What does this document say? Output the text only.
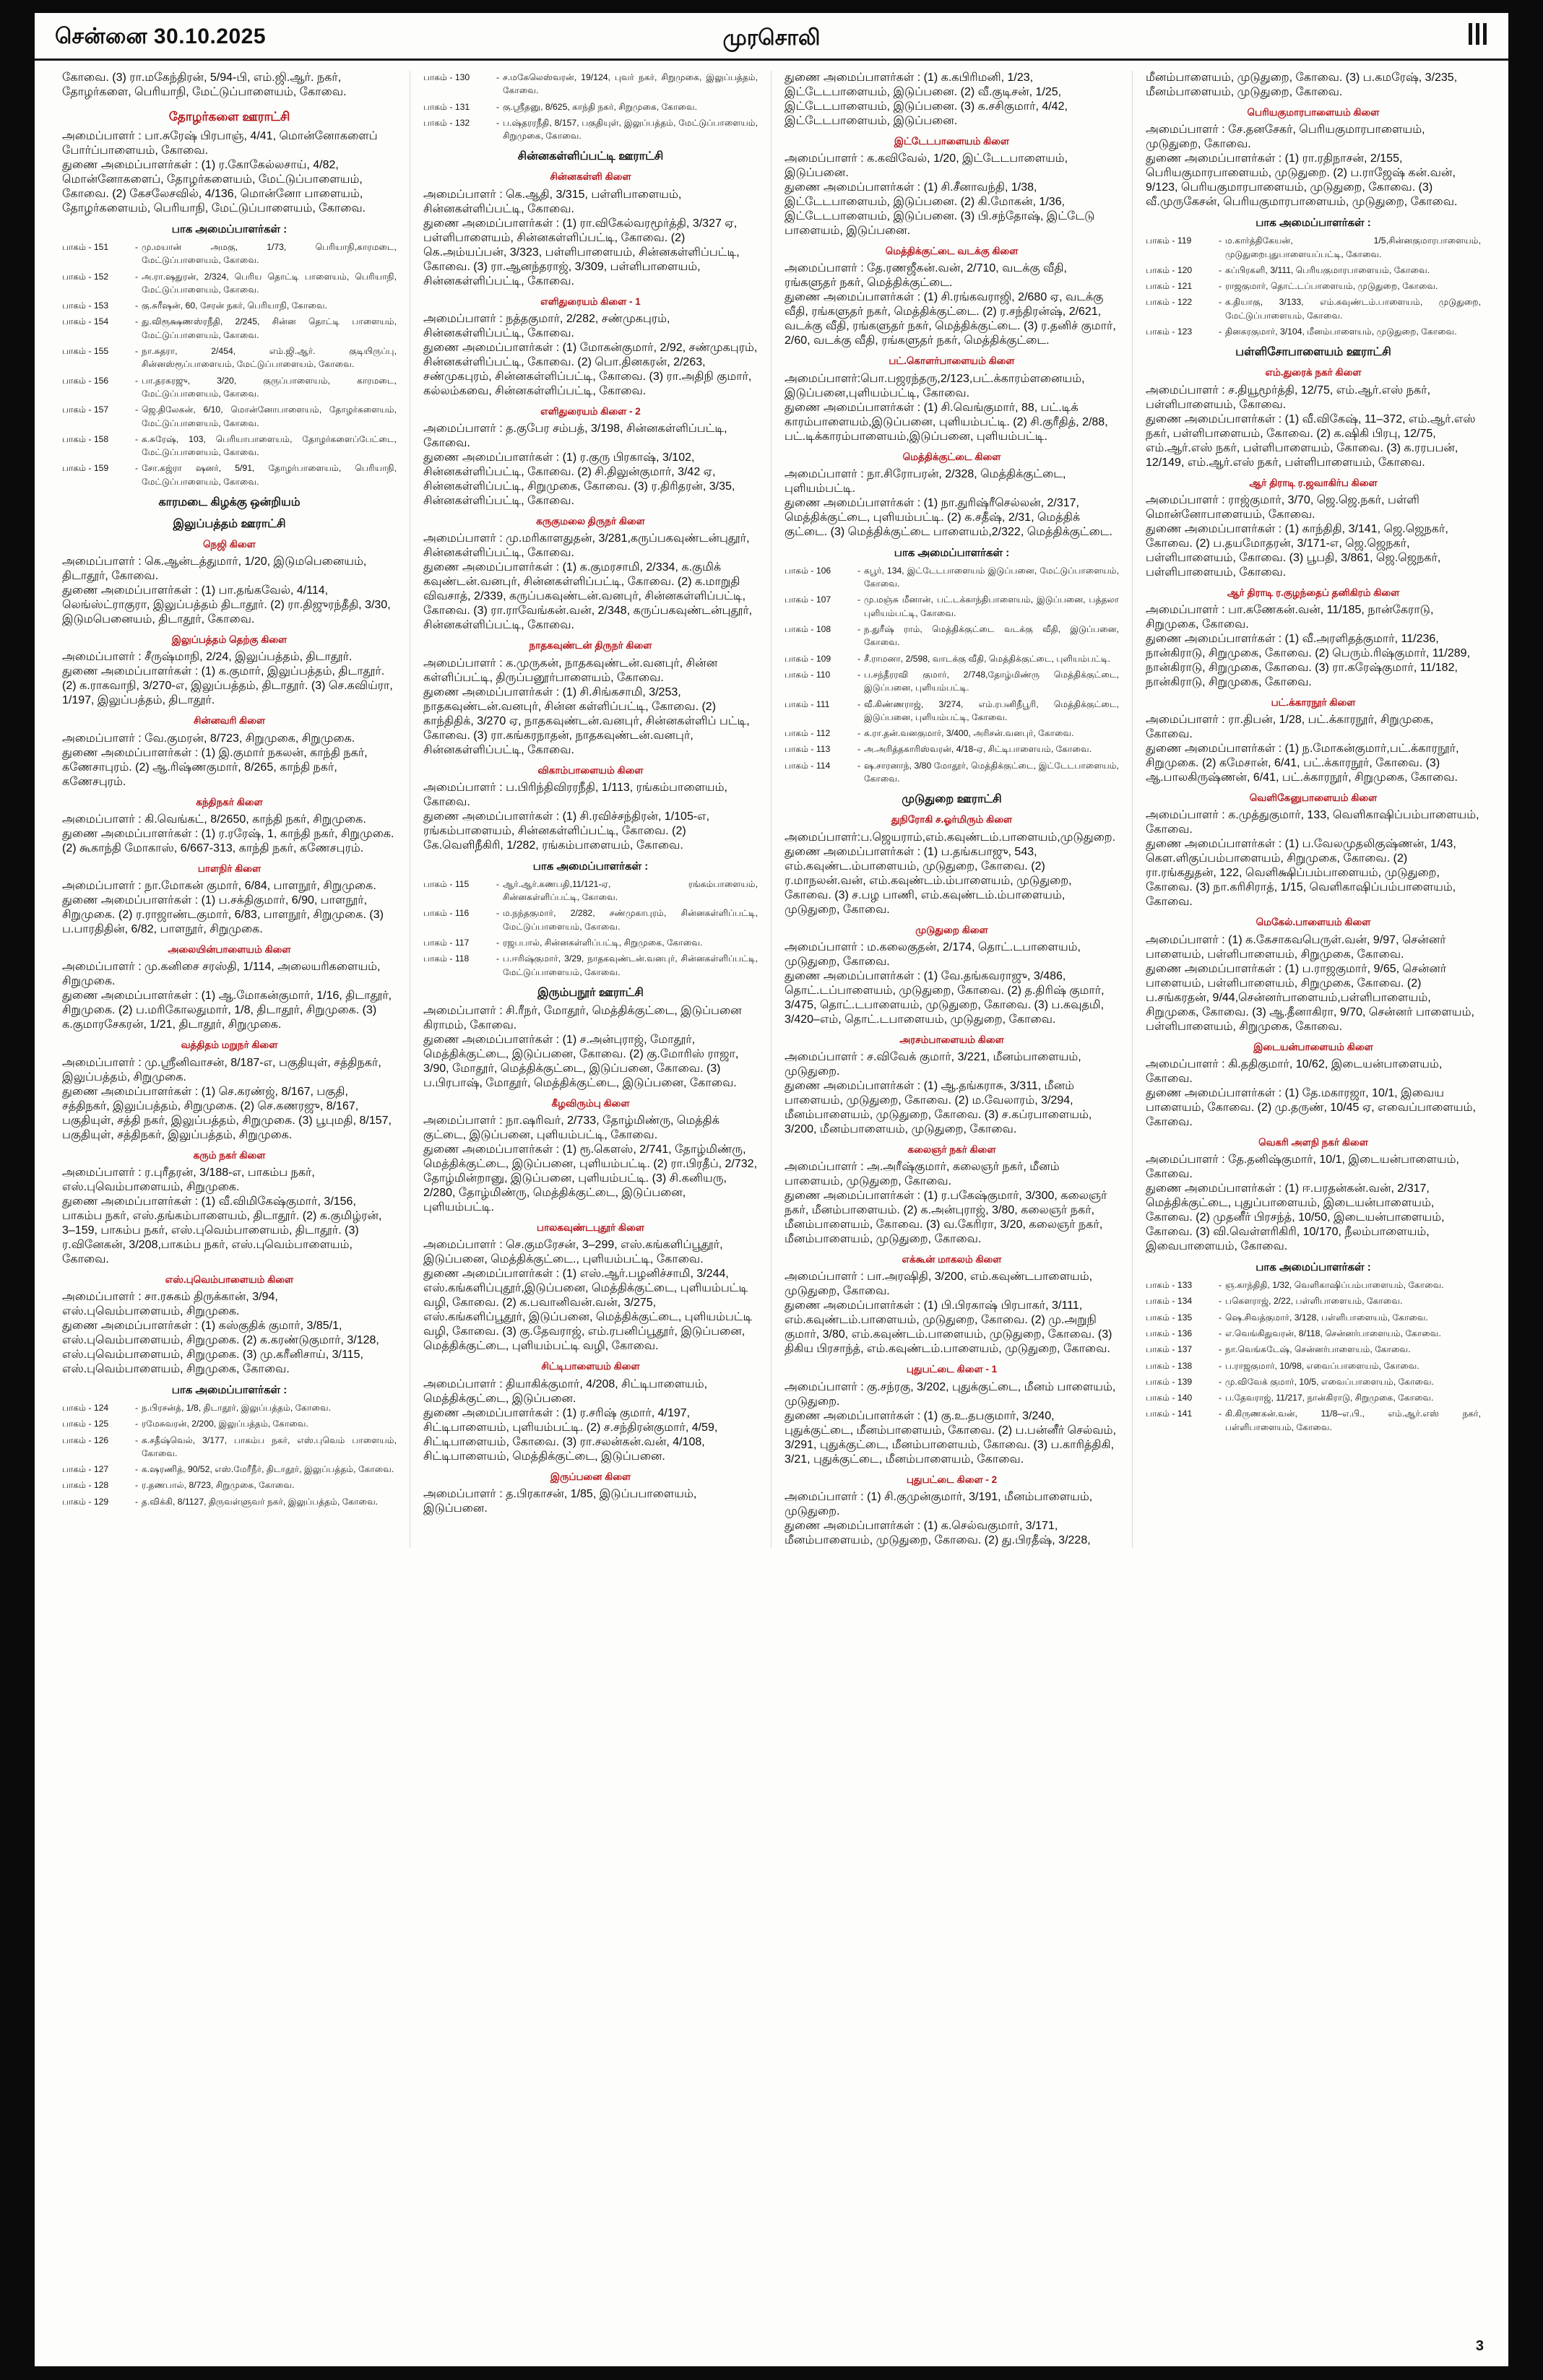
சென்னை 30.10.2025	முரசொலி
கோவை. (3) ரா.மகேந்திரன், 5/94-பி, எம்.ஜி.ஆர். நகர், தோழர்களை, பெரியாநி, மேட்டுப்பாளையம், கோவை.
தோழர்களை ஊராட்சி
அமைப்பாளர் : பா.சுரேஷ் பிரபாஞ், 4/41, மொன்னோகளைப் போர்ப்பாளையம், கோவை.
துணை அமைப்பாளர்கள் : (1) ர.கோகேல்லசாய், 4/82, மொன்னோகளைப், தோழர்களையம், மேட்டுப்பாளையம், கோவை. (2) கேசலேசவில், 4/136, மொன்னோ பாளையம், தோழர்களையம், பெரியாநி, மேட்டுப்பாளையம், கோவை.
பாக அமைப்பாளர்கள் :
பாகம் - 151	- மு.மயான் அமகு, 1/73, பெரியாநி,காரமடை, மேட்டுப்பாளையம், கோவை.
பாகம் - 152	- அ.ரா.ஷதுரன், 2/324, பெரிய தொட்டி பாளையம், பெரியாநி, மேட்டுப்பாளையம், கோவை.
பாகம் - 153	- கு.சுரீஷன், 60, சேரன் நகர், பெரியாநி, கோவை.
பாகம் - 154	- து.விரூக்ஷணஸ்ரநீதி, 2/245, சின்ன தொட்டி பாளையம், மேட்டுப்பாளையம், கோவை.
பாகம் - 155	- நா.சுதரா, 2/454, எம்.ஜி.ஆர். குடியிருப்பு, சின்னஸ்ரூப்பாளையம், மேட்டுப்பாளையம், கோவை.
பாகம் - 156	- பா.தரகரஜு, 3/20, குருப்பாளையம், காரமடை, மேட்டுப்பாளையம், கோவை.
பாகம் - 157	- ஜெ.திலேகன், 6/10, மொன்னோபாளையம், தோழர்களையம், மேட்டுப்பாளையம், கோவை.
பாகம் - 158	- க.சுரேஷ், 103, பெரியாபாளையம், தோழர்களைப்பேட்டை, மேட்டுப்பாளையம், கோவை.
பாகம் - 159	- சோ.கஜ்ரா ஷனர், 5/91, தோழர்பாளையம், பெரியாநி, மேட்டுப்பாளையம், கோவை.
காரமடை கிழக்கு ஒன்றியம்
இலுப்பத்தம் ஊராட்சி
நெஜி கிளை
அமைப்பாளர் : கெ.ஆன்டத்துமார், 1/20, இடுமபெனையம், திடாதூர், கோவை.
துணை அமைப்பாளர்கள் : (1) பா.தங்கவேல், 4/114, லெங்ஸ்ட்ராகுரா, இலுப்பத்தம் திடாதூர். (2) ரா.திஜுரந்தீதி, 3/30, இடுமபெனையம், திடாதூர், கோவை.
இலுப்பத்தம் தெற்கு கிளை
அமைப்பாளர் : சீருஷ்மாநி, 2/24, இலுப்பத்தம், திடாதூர்.
துணை அமைப்பாளர்கள் : (1) க.குமார், இலுப்பத்தம், திடாதூர். (2) க.ராகவாநி, 3/270-எ, இலுப்பத்தம், திடாதூர். (3) செ.கவிய்ரா, 1/197, இலுப்பத்தம், திடாதூர்.
சின்னவரி கிளை
அமைப்பாளர் : வே.குமரன், 8/723, சிறுமுகை, சிறுமுகை.
துணை அமைப்பாளர்கள் : (1) இ.குமார் நகலன், காந்தி நகர், கணேசாபுரம். (2) ஆ.ரிஷ்ணகுமார், 8/265, காந்தி நகர், கணேசபுரம்.
கந்திநகர் கிளை
அமைப்பாளர் : கி.வெங்கட், 8/2650, காந்தி நகர், சிறுமுகை.
துணை அமைப்பாளர்கள் : (1) ர.ரரேஷ், 1, காந்தி நகர், சிறுமுகை. (2) கூகாந்தி மோகாஸ், 6/667-313, காந்தி நகர், கணேசபுரம்.
பாளநிர் கிளை
அமைப்பாளர் : நா.மோகன் குமார், 6/84, பாளநூர், சிறுமுகை.
துணை அமைப்பாளர்கள் : (1) ப.சக்திகுமார், 6/90, பாளநூர், சிறுமுகை. (2) ர.ராஜாண்டகுமார், 6/83, பாளநூர், சிறுமுகை. (3) ப.பாரதிதின், 6/82, பாளநூர், சிறுமுகை.
அலையின்பாளையம் கிளை
அமைப்பாளர் : மு.கனிசை சரஸ்தி, 1/114, அலையரிகளையம், சிறுமுகை.
துணை அமைப்பாளர்கள் : (1) ஆ.மோகன்குமார், 1/16, திடாதூர், சிறுமுகை. (2) ப.மரிகோலதுமார், 1/8, திடாதூர், சிறுமுகை. (3) க.குமாரசேகரன், 1/21, திடாதூர், சிறுமுகை.
வத்திதம் மறுநர் கிளை
அமைப்பாளர் : மு.ஸ்ரீனிவாசன், 8/187-எ, பகுதியுள், சத்திநகர், இலுப்பத்தம், சிறுமுகை.
துணை அமைப்பாளர்கள் : (1) செ.கரண்ஜ், 8/167, பகுதி, சத்திநகர், இலுப்பத்தம், சிறுமுகை. (2) செ.கணரஜு, 8/167, பகுதியுள், சத்தி நகர், இலுப்பத்தம், சிறுமுகை. (3) பூபுமதி, 8/157, பகுதியுள், சத்திநகர், இலுப்பத்தம், சிறுமுகை.
கரும் நகர் கிளை
அமைப்பாளர் : ர.புரீதரன், 3/188-எ, பாகம்ப நகர், எஸ்.புவெம்பாளையம், சிறுமுகை.
துணை அமைப்பாளர்கள் : (1) வீ.விமிகேஷ்குமார், 3/156, பாகம்ப நகர், எஸ்.தங்கம்பாளையம், திடாதூர். (2) க.குமிழ்ரன், 3–159, பாகம்ப நகர், எஸ்.புவெம்பாளையம், திடாதூர். (3) ர.வினேகன், 3/208,பாகம்ப நகர், எஸ்.புவெம்பாளையம், கோவை.
எஸ்.புவெம்பாளையம் கிளை
அமைப்பாளர் : சா.ரசுகம் திருக்கான், 3/94, எஸ்.புவெம்பாளையம், சிறுமுகை.
துணை அமைப்பாளர்கள் : (1) கஸ்குதிக் குமார், 3/85/1, எஸ்.புவெம்பாளையம், சிறுமுகை. (2) க.கரண்டுகுமார், 3/128, எஸ்.புவெம்பாளையம், சிறுமுகை. (3) மு.கரீனிசாய், 3/115, எஸ்.புவெம்பாளையம், சிறுமுகை, கோவை.
பாக அமைப்பாளர்கள் :
பாகம் - 124	- ந.பிரசன்த், 1/8, திடாதூர், இலுப்பத்தம், கோவை.
பாகம் - 125	- ரமேசுவரன், 2/200, இலுப்பத்தம், கோவை.
பாகம் - 126	- க.சதீஷ்வெல், 3/177, பாகம்ப நகர், எஸ்.புவெம் பாளையம், கோவை.
பாகம் - 127	- க.ஷரணித், 90/52, எஸ்.மேரீநீர், திடாதூர், இலுப்பத்தம், கோவை.
பாகம் - 128	- ர.தணபால், 8/723, சிறுமுகை, கோவை.
பாகம் - 129	- த.விக்கி, 8/1127, திருவள்ளுவர் நகர், இலுப்பத்தம், கோவை.
பாகம் - 130	- ச.மகேலெஸ்வரன், 19/124, புவர் நகர், சிறுமுகை, இலுப்பத்தம், கோவை.
பாகம் - 131	- கு.ஸ்ரீதனு, 8/625, காந்தி நகர், சிறுமுகை, கோவை.
பாகம் - 132	- ப.ஷ்தரரநீதி, 8/157, பகுதியுள், இலுப்பத்தம், மேட்டுப்பாளையம், சிறுமுகை, கோவை.
சின்னகள்ளிப்பட்டி ஊராட்சி
சின்னகள்ளி கிளை
அமைப்பாளர் : கெ.ஆதி, 3/315, பள்ளிபாளையம், சின்னகள்ளிப்பட்டி, கோவை.
துணை அமைப்பாளர்கள் : (1) ரா.விகேல்வரமூர்த்தி, 3/327 ஏ, பள்ளிபாளையம், சின்னகள்ளிப்பட்டி, கோவை. (2) கெ.அம்யப்பன், 3/323, பள்ளிபாளையம், சின்னகள்ளிப்பட்டி, கோவை. (3) ரா.ஆனந்தராஜ், 3/309, பள்ளிபாளையம், சின்னகள்ளிப்பட்டி, கோவை.
எளிதுரையம் கிளை - 1
அமைப்பாளர் : நத்தகுமார், 2/282, சண்முகபுரம், சின்னகள்ளிப்பட்டி, கோவை.
துணை அமைப்பாளர்கள் : (1) மோகன்குமார், 2/92, சண்முகபுரம், சின்னகள்ளிப்பட்டி, கோவை. (2) பொ.தினகரன், 2/263, சண்முகபுரம், சின்னகள்ளிப்பட்டி, கோவை. (3) ரா.அதிநி குமார், கல்லம்கவை, சின்னகள்ளிப்பட்டி, கோவை.
எளிதுரையம் கிளை - 2
அமைப்பாளர் : த.குபேர சம்பத், 3/198, சின்னகள்ளிப்பட்டி, கோவை.
துணை அமைப்பாளர்கள் : (1) ர.குரு பிரகாஷ், 3/102, சின்னகள்ளிப்பட்டி, கோவை. (2) சி.திலுன்குமார், 3/42 ஏ, சின்னகள்ளிப்பட்டி, சிறுமுகை, கோவை. (3) ர.திரிதரன், 3/35, சின்னகள்ளிப்பட்டி, கோவை.
கருகுமலை திருநர் கிளை
அமைப்பாளர் : மு.மரிகாளதுதன், 3/281,கருப்பகவுண்டன்புதூர், சின்னகள்ளிப்பட்டி, கோவை.
துணை அமைப்பாளர்கள் : (1) க.குமரசாமி, 2/334, க.குமிக் கவுண்டன்.வனபுர், சின்னகள்ளிப்பட்டி, கோவை. (2) க.மாறுதி விவசாத், 2/339, கருப்பகவுண்டன்.வனபுர், சின்னகள்ளிப்பட்டி, கோவை. (3) ரா.ராவேங்கன்.வன், 2/348, கருப்பகவுண்டன்புதூர், சின்னகள்ளிப்பட்டி, கோவை.
நாதகவுண்டன் திருநர் கிளை
அமைப்பாளர் : க.முருகன், நாதகவுண்டன்.வனபுர், சின்ன கள்ளிப்பட்டி, திருப்பனூர்பாளையம், கோவை.
துணை அமைப்பாளர்கள் : (1) சி.சிங்கசாமி, 3/253, நாதகவுண்டன்.வனபுர், சின்ன கள்ளிப்பட்டி, கோவை. (2) காந்திதிக், 3/270 ஏ, நாதகவுண்டன்.வனபுர், சின்னகள்ளிப் பட்டி, கோவை. (3) ரா.கங்கரநாதன், நாதகவுண்டன்.வனபுர், சின்னகள்ளிப்பட்டி, கோவை.
விகாம்பாளையம் கிளை
அமைப்பாளர் : ப.பிரிந்திவிரரநீதி, 1/113, ரங்கம்பாளையம், கோவை.
துணை அமைப்பாளர்கள் : (1) சி.ரவிச்சந்திரன், 1/105-எ, ரங்கம்பாளையம், சின்னகள்ளிப்பட்டி, கோவை. (2) கே.வெளிநீகிரி, 1/282, ரங்கம்பாளையம், கோவை.
பாக அமைப்பாளர்கள் :
பாகம் - 115	- ஆர்.ஆர்.கணபதி,11/121-ஏ, ரங்கம்பாளையம், சின்னகள்ளிப்பட்டி, கோவை.
பாகம் - 116	- ம.நந்தகுமார், 2/282, சண்முகாபுரம், சின்னகள்ளிப்பட்டி, மேட்டுப்பாளையம், கோவை.
பாகம் - 117	- ரஜபபால், சின்னகள்ளிப்பட்டி, சிறுமுகை, கோவை.
பாகம் - 118	- ப.ஈரிஷ்குமார், 3/29, நாதகவுண்டன்.வனபுர், சின்னகள்ளிப்பட்டி, மேட்டுப்பாளையம், கோவை.
இரும்பநூர் ஊராட்சி
அமைப்பாளர் : சி.ரீநர், மோதூர், மெத்திக்குட்டை, இடுப்பனை கிராமம், கோவை.
துணை அமைப்பாளர்கள் : (1) ச.அன்புராஜ், மோதூர், மெத்திக்குட்டை, இடுப்பனை, கோவை. (2) கு.மோரிஸ் ராஜா, 3/90, மோதூர், மெத்திக்குட்டை, இடுப்பனை, கோவை. (3) ப.பிரபாஷ், மோதூர், மெத்திக்குட்டை, இடுப்பனை, கோவை.
கீழவிரும்பு கிளை
அமைப்பாளர் : நா.ஷரிவர், 2/733, தோழ்மிண்ரு, மெத்திக் குட்டை, இடுப்பனை, புளியம்பட்டி, கோவை.
துணை அமைப்பாளர்கள் : (1) ரூ.கெளஸ், 2/741, தோழ்மிண்ரு, மெத்திக்குட்டை, இடுப்பனை, புளியம்பட்டி. (2) ரா.பிரதீப், 2/732, தோழ்மின்றானு, இடுப்பனை, புளியம்பட்டி. (3) சி.கனியரு, 2/280, தோழ்மிண்ரு, மெத்திக்குட்டை, இடுப்பனை, புளியம்பட்டி.
பாலகவுண்டபுதூர் கிளை
அமைப்பாளர் : செ.குமரேசன், 3–299, எஸ்.கங்களிப்பூதூர், இடுப்பனை, மெத்திக்குட்டை., புளியம்பட்டி, கோவை.
துணை அமைப்பாளர்கள் : (1) எஸ்.ஆர்.பழனிச்சாமி, 3/244, எஸ்.கங்களிப்புதூர்,இடுப்பனை, மெத்திக்குட்டை, புளியம்பட்டி வழி, கோவை. (2) க.பவானிவன்.வன், 3/275, எஸ்.கங்களிப்பூதூர், இடுப்பனை, மெத்திக்குட்டை, புளியம்பட்டி வழி, கோவை. (3) கு.தேவராஜ், எம்.ரபனிப்பூதூர், இடுப்பனை, மெத்திக்குட்டை, புளியம்பட்டி வழி, கோவை.
சிட்டிபாளையம் கிளை
அமைப்பாளர் : தியாகிக்குமார், 4/208, சிட்டிபாளையம், மெத்திக்குட்டை, இடுப்பனை.
துணை அமைப்பாளர்கள் : (1) ர.சரிஷ் குமார், 4/197, சிட்டிபாளையம், புளியம்பட்டி. (2) ச.சந்திரன்குமார், 4/59, சிட்டிபாளையம், கோவை. (3) ரா.சலன்கன்.வன், 4/108, சிட்டிபாளையம், மெத்திக்குட்டை, இடுப்பனை.
இருப்பனை கிளை
அமைப்பாளர் : த.பிரகாசன், 1/85, இடுப்பபாளையம், இடுப்பனை.
துணை அமைப்பாளர்கள் : (1) க.கபிரிமனி, 1/23, இட்டேடபாளையம், இடுப்பனை. (2) வீ.குடிசன், 1/25, இட்டேடபாளையம், இடுப்பனை. (3) க.சசிகுமார், 4/42, இட்டேடபாளையம், இடுப்பனை.
இட்டேடபாளையம் கிளை
அமைப்பாளர் : க.கவிவேல், 1/20, இட்டேடபாளையம், இடுப்பனை.
துணை அமைப்பாளர்கள் : (1) சி.சீனாவந்தி, 1/38, இட்டேடபாளையம், இடுப்பனை. (2) கி.மோகன், 1/36, இட்டேடபாளையம், இடுப்பனை. (3) பி.சந்தோஷ், இட்டேடு பாளையம், இடுப்பனை.
மெத்திக்குட்டை வடக்கு கிளை
அமைப்பாளர் : தே.ரணஜீகன்.வன், 2/710, வடக்கு வீதி, ரங்களுதர் நகர், மெத்திக்குட்டை.
துணை அமைப்பாளர்கள் : (1) சி.ரங்கவராஜி, 2/680 ஏ, வடக்கு வீதி, ரங்களுதர் நகர், மெத்திக்குட்டை. (2) ர.சந்திரன்ஷ், 2/621, வடக்கு வீதி, ரங்களுதர் நகர், மெத்திக்குட்டை. (3) ர.தனிச் குமார், 2/60, வடக்கு வீதி, ரங்களுதர் நகர், மெத்திக்குட்டை.
பட்.கொளர்பாளையம் கிளை
அமைப்பாளர்:பொ.பஜரந்தரு,2/123,பட்.க்காரம்ளனையம், இடுப்பனை,புளியம்பட்டி, கோவை.
துணை அமைப்பாளர்கள் : (1) சி.வெங்குமார், 88, பட்.டிக் காரம்பாளையம்,இடுப்பனை, புளியம்பட்டி. (2) சி.குரீதித், 2/88, பட்.டிக்காரம்பாளையம்,இடுப்பனை, புளியம்பட்டி.
மெத்திக்குட்டை கிளை
அமைப்பாளர் : நா.சிரோபரன், 2/328, மெத்திக்குட்டை, புளியம்பட்டி.
துணை அமைப்பாளர்கள் : (1) நா.துரிஷ்ரீசெல்லன், 2/317, மெத்திக்குட்டை, புளியம்பட்டி. (2) க.சதீஷ், 2/31, மெத்திக் குட்டை. (3) மெத்திக்குட்டை பாளையம்,2/322, மெத்திக்குட்டை.
பாக அமைப்பாளர்கள் :
பாகம் - 106	- கபூர், 134, இட்டேடபாளையம் இடுப்பனை, மேட்டுப்பாளையம், கோவை.
பாகம் - 107	- மு.மஞ்சு மீனான், பட்.டக்காந்திபாளையம், இடுப்பனை, பத்தலா புளியம்பட்டி, கோவை.
பாகம் - 108	- ந.துரீஷ் ராம், மெத்திக்குட்டை வடக்கு வீதி, இடுப்பனை, கோவை.
பாகம் - 109	- சீ.ராமனா, 2/598, வாடக்கு வீதி, மெத்திக்குட்டை, புளியம்பட்டி.
பாகம் - 110	- ப.சந்தீரரவி குமார், 2/748,தோழ்மிண்ரு மெத்திக்குட்டை, இடுப்பனை, புளியம்பட்டி.
பாகம் - 111	- வீ.கிண்ணராஜ், 3/274, எம்.ரபனிநீபூரி, மெத்திக்குட்டை, இடுப்பனை, புளியம்பட்டி, கோவை.
பாகம் - 112	- க.ரா.தன்.வனகுமார், 3/400, அரிசன்.வனபுர், கோவை.
பாகம் - 113	- அ.அரித்தகாரிஸ்வரன், 4/18-ஏ, சிட்டிபாளையம், கோவை.
பாகம் - 114	- ஷ.சாரனாந், 3/80 மோதூர், மெத்திக்குட்டை, இட்டேடபாளையம், கோவை.
முடுதுறை ஊராட்சி
துநிரோகி ச.ஓர்மிரும் கிளை
அமைப்பாளர்:ப.ஜெயராம்,எம்.கவுண்டம்.பாளையம்,முடுதுறை.
துணை அமைப்பாளர்கள் : (1) ப.தங்கபாஜு, 543, எம்.கவுண்ட.ம்பாளையம், முடுதுறை, கோவை. (2) ர.மாநலன்.வன், எம்.கவுண்டம்.ம்பாளையம், முடுதுறை, கோவை. (3) ச.பழ பாணி, எம்.கவுண்டம்.ம்பாளையம், முடுதுறை, கோவை.
முடுதுறை கிளை
அமைப்பாளர் : ம.கலைகுதன், 2/174, தொட்.டபாளையம், முடுதுறை, கோவை.
துணை அமைப்பாளர்கள் : (1) வே.தங்கவராஜு, 3/486, தொட்.டப்பாளையம், முடுதுறை, கோவை. (2) த.திரிஷ் குமார், 3/475, தொட்.டபாளையம், முடுதுறை, கோவை. (3) ப.கவுதமி, 3/420–எம், தொட்.டபாளையம், முடுதுறை, கோவை.
அரசம்பாளையம் கிளை
அமைப்பாளர் : ச.விவேக் குமார், 3/221, மீனம்பாளையம், முடுதுறை.
துணை அமைப்பாளர்கள் : (1) ஆ.தங்கராசு, 3/311, மீனம் பாளையம், முடுதுறை, கோவை. (2) ம.வேலாரம், 3/294, மீனம்பாளையம், முடுதுறை, கோவை. (3) ச.கப்ரபாளையம், 3/200, மீனம்பாளையம், முடுதுறை, கோவை.
கலைஞர் நகர் கிளை
அமைப்பாளர் : அ.அரீஷ்குமார், கலைஞர் நகர், மீனம் பாளையம், முடுதுறை, கோவை.
துணை அமைப்பாளர்கள் : (1) ர.பகேஷ்குமார், 3/300, கலைஞர் நகர், மீனம்பாளையம். (2) க.அன்புராஜ், 3/80, கலைஞர் நகர், மீனம்பாளையம், கோவை. (3) வ.கேரிரா, 3/20, கலைஞர் நகர், மீனம்பாளையம், முடுதுறை, கோவை.
எக்கூன் மாகலம் கிளை
அமைப்பாளர் : பா.அரஷிதி, 3/200, எம்.கவுண்டபாளையம், முடுதுறை, கோவை.
துணை அமைப்பாளர்கள் : (1) பி.பிரகாஷ் பிரபாகர், 3/111, எம்.கவுண்டம்.பாளையம், முடுதுறை, கோவை. (2) மு.அறுநி குமார், 3/80, எம்.கவுண்டம்.பாளையம், முடுதுறை, கோவை. (3) திகிய பிரசாந்த், எம்.கவுண்டம்.பாளையம், முடுதுறை, கோவை.
புதுபட்டை கிளை - 1
அமைப்பாளர் : கு.சந்ரகு, 3/202, புதுக்குட்டை, மீனம் பாளையம், முடுதுறை.
துணை அமைப்பாளர்கள் : (1) கு.உ.தபகுமார், 3/240, புதுக்குட்டை, மீனம்பாளையம், கோவை. (2) ப.பன்னீர் செல்வம், 3/291, புதுக்குட்டை, மீனம்பாளையம், கோவை. (3) ப.காரித்திகி, 3/21, புதுக்குட்டை, மீனம்பாளையம், கோவை.
புதுபட்டை கிளை - 2
அமைப்பாளர் : (1) சி.குமுன்குமார், 3/191, மீனம்பாளையம், முடுதுறை.
துணை அமைப்பாளர்கள் : (1) க.செல்வகுமார், 3/171, மீனம்பாளையம், முடுதுறை, கோவை. (2) து.பிரதீஷ், 3/228,
மீனம்பாளையம், முடுதுறை, கோவை. (3) ப.கமரேஷ், 3/235, மீனம்பாளையம், முடுதுறை, கோவை.
பெரியகுமாரபாளையம் கிளை
அமைப்பாளர் : சே.தனசேகர், பெரியகுமாரபாளையம், முடுதுறை, கோவை.
துணை அமைப்பாளர்கள் : (1) ரா.ரதிநாசன், 2/155, பெரியகுமாரபாளையம், முடுதுறை. (2) ப.ராஜேஷ் கன்.வன், 9/123, பெரியகுமாரபாளையம், முடுதுறை, கோவை. (3) வீ.முருகேசன், பெரியகுமாரபாளையம், முடுதுறை, கோவை.
பாக அமைப்பாளர்கள் :
பாகம் - 119	- ம.கார்த்திகேயன், 1/5,சின்னகுமாரபாளையம், முடுதுறைபுதுபாளையப்பட்டி, கோவை.
பாகம் - 120	- கப்பிரகளி, 3/111, பெரியகுமாரபாளையம், கோவை.
பாகம் - 121	- ராஜகுமார், தொட்.டப்பாளையம், முடுதுறை, கோவை.
பாகம் - 122	- க.தியாகு, 3/133, எம்.கவுண்டம்.பாளையம், முடுதுறை, மேட்டுப்பாளையம், கோவை.
பாகம் - 123	- தினகரகுமார், 3/104, மீனம்பாளையம், முடுதுறை, கோவை.
பள்ளிசோபாளையம் ஊராட்சி
எம்.துரைக் நகர் கிளை
அமைப்பாளர் : ச.தியூமூர்த்தி, 12/75, எம்.ஆர்.எஸ் நகர், பள்ளிபாளையம், கோவை.
துணை அமைப்பாளர்கள் : (1) வீ.விகேஷ், 11–372, எம்.ஆர்.எஸ் நகர், பள்ளிபாளையம், கோவை. (2) க.ஷிகி பிரபு, 12/75, எம்.ஆர்.எஸ் நகர், பள்ளிபாளையம், கோவை. (3) க.ரரபபன், 12/149, எம்.ஆர்.எஸ் நகர், பள்ளிபாளையம், கோவை.
ஆர் திராடி ர.ஜவாகிர்ப கிளை
அமைப்பாளர் : ராஜ்குமார், 3/70, ஜெ.ஜெ.நகர், பள்ளி மொன்னோபாளையம், கோவை.
துணை அமைப்பாளர்கள் : (1) காந்திதி, 3/141, ஜெ.ஜெநகர், கோவை. (2) ப.தயமோதரன், 3/171-எ, ஜெ.ஜெநகர், பள்ளிபாளையம், கோவை. (3) பூபதி, 3/861, ஜெ.ஜெநகர், பள்ளிபாளையம், கோவை.
ஆர் திராடி ர.குழந்தைப் தனிகிரம் கிளை
அமைப்பாளர் : பா.கணேகன்.வன், 11/185, நான்கேராடு, சிறுமுகை, கோவை.
துணை அமைப்பாளர்கள் : (1) வீ.அரளிதத்குமார், 11/236, நான்கிராடு, சிறுமுகை, கோவை. (2) பெரும்.ரிஷ்குமார், 11/289, நான்கிராடு, சிறுமுகை, கோவை. (3) ரா.கரேஷ்குமார், 11/182, நான்கிராடு, சிறுமுகை, கோவை.
பட்.க்காரநூர் கிளை
அமைப்பாளர் : ரா.திபன், 1/28, பட்.க்காரநூர், சிறுமுகை, கோவை.
துணை அமைப்பாளர்கள் : (1) ந.மோகன்குமார்,பட்.க்காரநூர், சிறுமுகை. (2) கமேசான், 6/41, பட்.க்காரநூர், கோவை. (3) ஆ.பாலகிருஷ்ணன், 6/41, பட்.க்காரநூர், சிறுமுகை, கோவை.
வெளிகேனுபாளையம் கிளை
அமைப்பாளர் : க.முத்துகுமார், 133, வெளிகாஷிப்பம்பாளையம், கோவை.
துணை அமைப்பாளர்கள் : (1) ப.வேலமுதலிகுஷ்ணன், 1/43, கௌ.ளிகுப்பம்பாளையம், சிறுமுகை, கோவை. (2) ரா.ரங்கதுதன், 122, வெளிக்ஷிப்பம்பாளையம், முடுதுறை, கோவை. (3) நா.கரிசிராத், 1/15, வெளிகாஷிப்பம்பாளையம், கோவை.
மெகேல்.பாளையம் கிளை
அமைப்பாளர் : (1) க.கேசாகவபெருள்.வன், 9/97, சென்னர் பாளையம், பள்ளிபாளையம், சிறுமுகை, கோவை.
துணை அமைப்பாளர்கள் : (1) ப.ராஜகுமார், 9/65, சென்னர் பாளையம், பள்ளிபாளையம், சிறுமுகை, கோவை. (2) ப.சங்கரதன், 9/44,சென்னர்பாளையம்,பள்ளிபாளையம், சிறுமுகை, கோவை. (3) ஆ.தீனாகிரா, 9/70, சென்னர் பாளையம், பள்ளிபாளையம், சிறுமுகை, கோவை.
இடையன்பாளையம் கிளை
அமைப்பாளர் : கி.ததிகுமார், 10/62, இடையன்பாளையம், கோவை.
துணை அமைப்பாளர்கள் : (1) தே.மகாரஜா, 10/1, இவைய பாளையம், கோவை. (2) மு.தருண், 10/45 ஏ, எவைப்பாளையம், கோவை.
வெகரி அளநி நகர் கிளை
அமைப்பாளர் : தே.தனிஷ்குமார், 10/1, இடையன்பாளையம், கோவை.
துணை அமைப்பாளர்கள் : (1) ஈ.பரதன்கன்.வன், 2/317, மெத்திக்குட்டை, புதுப்பாளையம், இடையன்பாளையம், கோவை. (2) முதனீர் பிரசந்த், 10/50, இடையன்பாளையம், கோவை. (3) வி.வெள்ளரிகிரி, 10/170, நீலம்பாளையம், இவைபாளையம், கோவை.
பாக அமைப்பாளர்கள் :
பாகம் - 133	- ஞ.காந்திதி, 1/32, வெளிகாஷிப்பம்பாளையம், கோவை.
பாகம் - 134	- பகெளராஜ், 2/22, பள்ளிபாளையம், கோவை.
பாகம் - 135	- ஷெ.சிவத்குமார், 3/128, பள்ளிபாளையம், கோவை.
பாகம் - 136	- எ.வெங்கிதுவரன், 8/118, சென்னர்பாளையம், கோவை.
பாகம் - 137	- நா.வெங்கடேஷ், சென்னர்பாளையம், கோவை.
பாகம் - 138	- ப.ராஜகுமார், 10/98, எவைப்பாளையம், கோவை.
பாகம் - 139	- மு.விவேக் குமார், 10/5, எவைப்பாளையம், கோவை.
பாகம் - 140	- ப.தேவராஜ், 11/217, நான்கிராடு, சிறுமுகை, கோவை.
பாகம் - 141	- கி.கிருணகன்.வன், 11/8–எ.பி., எம்.ஆர்.எஸ் நகர், பள்ளிபாளையம், கோவை.
3
